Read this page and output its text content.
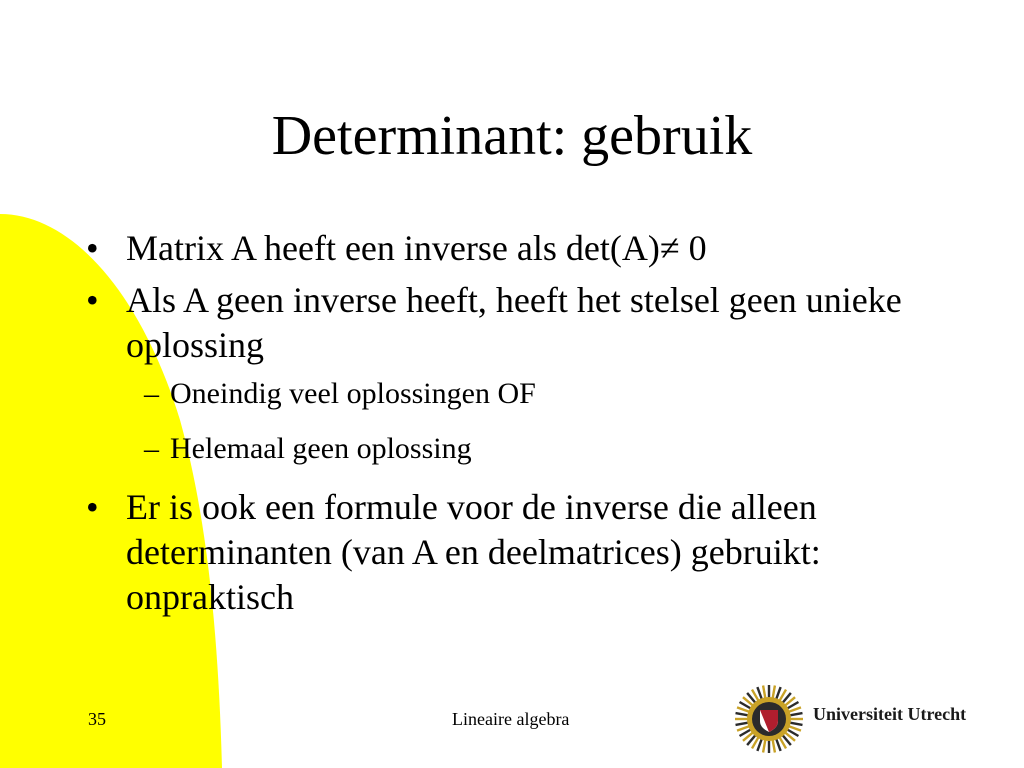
Determinant: gebruik
• Matrix A heeft een inverse als det(A)≠ 0
• Als A geen inverse heeft, heeft het stelsel geen unieke oplossing
– Oneindig veel oplossingen OF
– Helemaal geen oplossing
• Er is ook een formule voor de inverse die alleen determinanten (van A en deelmatrices) gebruikt: onpraktisch
35	Lineaire algebra	Universiteit Utrecht
